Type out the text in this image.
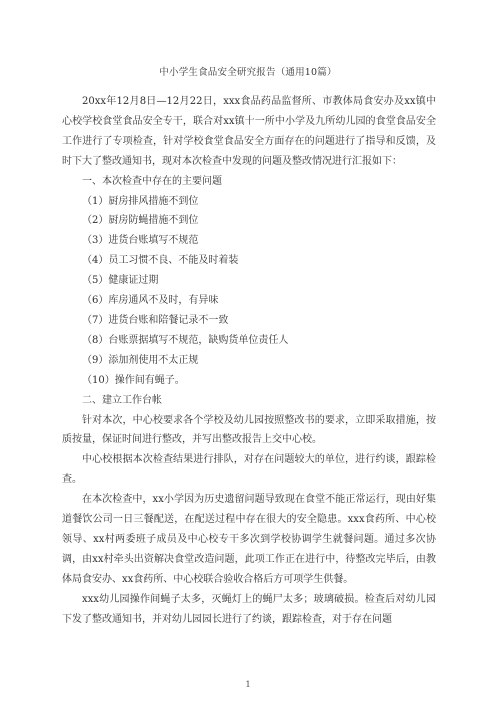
中小学生食品安全研究报告（通用10篇）

20xx年12月8日—12月22日，xxx食品药品监督所、市教体局食安办及xx镇中心校学校食堂食品安全专干，联合对xx镇十一所中小学及九所幼儿园的食堂食品安全工作进行了专项检查，针对学校食堂食品安全方面存在的问题进行了指导和反馈，及时下大了整改通知书，现对本次检查中发现的问题及整改情况进行汇报如下：

一、本次检查中存在的主要问题

（1）厨房排风措施不到位

（2）厨房防蝇措施不到位

（3）进货台账填写不规范

（4）员工习惯不良、不能及时着装

（5）健康证过期

（6）库房通风不及时，有异味

（7）进货台账和陪餐记录不一致

（8）台账票据填写不规范，缺购货单位责任人

（9）添加剂使用不太正规

（10）操作间有蝇子。

二、建立工作台帐

针对本次，中心校要求各个学校及幼儿园按照整改书的要求，立即采取措施，按质按量，保证时间进行整改，并写出整改报告上交中心校。

中心校根据本次检查结果进行排队，对存在问题较大的单位，进行约谈，跟踪检查。

在本次检查中，xx小学因为历史遗留问题导致现在食堂不能正常运行，现由好集道餐饮公司一日三餐配送，在配送过程中存在很大的安全隐患。xxx食药所、中心校领导、xx村两委班子成员及中心校专干多次到学校协调学生就餐问题。通过多次协调，由xx村牵头出资解决食堂改造问题，此项工作正在进行中，待整改完毕后，由教体局食安办、xx食药所、中心校联合验收合格后方可项学生供餐。

xxx幼儿园操作间蝇子太多，灭蝇灯上的蝇尸太多；玻璃破损。检查后对幼儿园下发了整改通知书，并对幼儿园园长进行了约谈，跟踪检查，对于存在问题

1
